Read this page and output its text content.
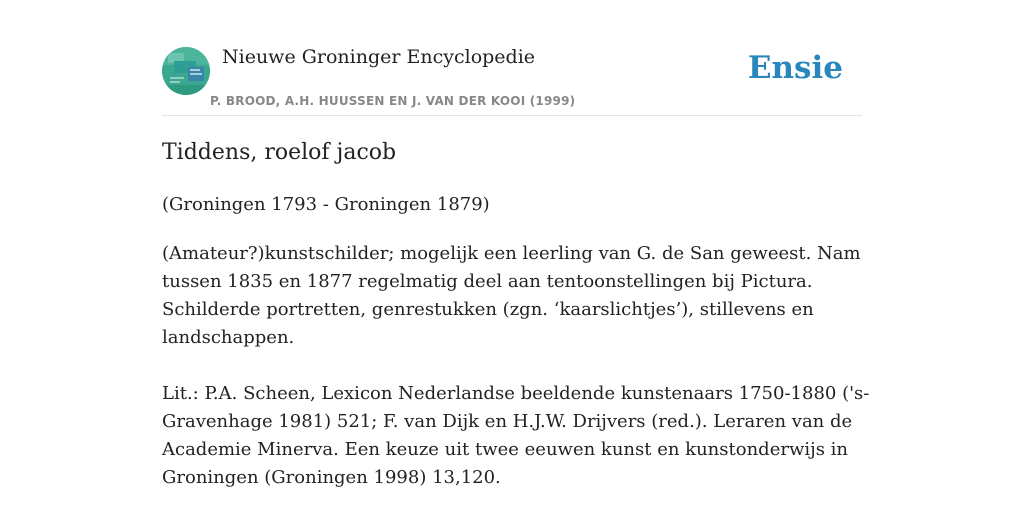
Nieuwe Groninger Encyclopedie
P. BROOD, A.H. HUUSSEN EN J. VAN DER KOOI (1999)
Ensie
Tiddens, roelof jacob
(Groningen 1793 - Groningen 1879)

(Amateur?)kunstschilder; mogelijk een leerling van G. de San geweest. Nam tussen 1835 en 1877 regelmatig deel aan tentoonstellingen bij Pictura. Schilderde portretten, genrestukken (zgn. ‘kaarslichtjes’), stillevens en landschappen.

Lit.: P.A. Scheen, Lexicon Nederlandse beeldende kunstenaars 1750-1880 ('s-Gravenhage 1981) 521; F. van Dijk en H.J.W. Drijvers (red.). Leraren van de Academie Minerva. Een keuze uit twee eeuwen kunst en kunstonderwijs in Groningen (Groningen 1998) 13,120.
